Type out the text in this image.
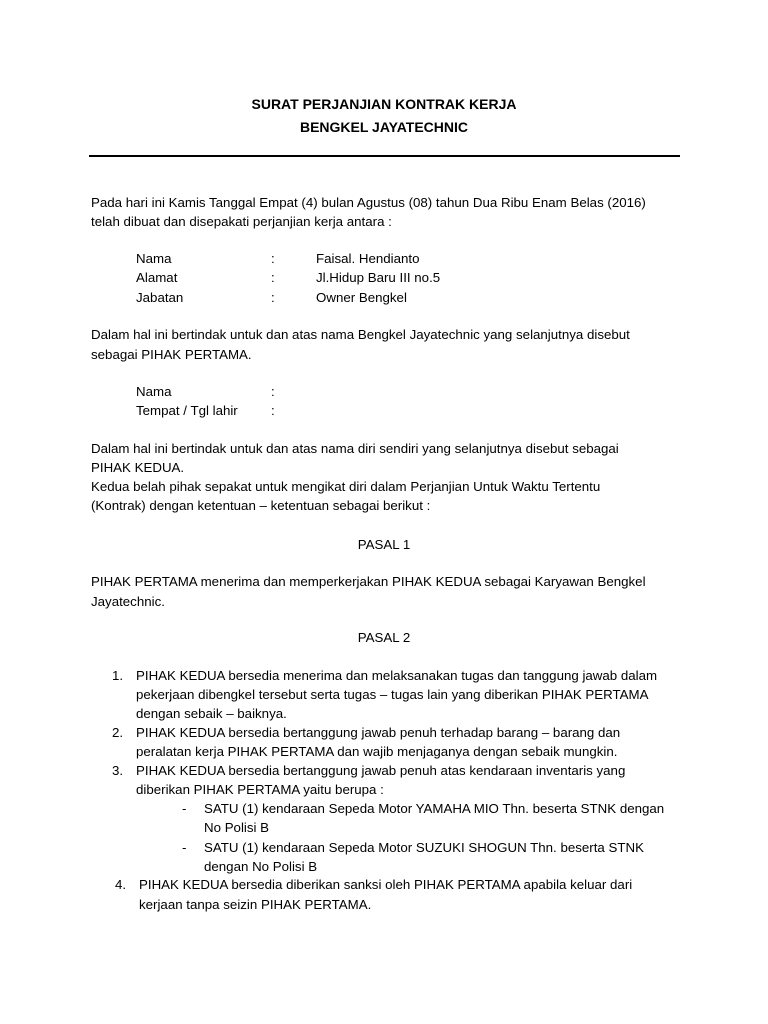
SURAT PERJANJIAN KONTRAK KERJA
BENGKEL JAYATECHNIC
Pada hari ini Kamis Tanggal Empat (4) bulan Agustus (08) tahun Dua Ribu Enam Belas (2016)
telah dibuat dan disepakati perjanjian kerja antara :
Nama	:	Faisal. Hendianto
Alamat	:	Jl.Hidup Baru III no.5
Jabatan	:	Owner Bengkel
Dalam hal ini bertindak untuk dan atas nama Bengkel Jayatechnic yang selanjutnya disebut
sebagai PIHAK PERTAMA.
Nama	:
Tempat / Tgl lahir	:
Dalam hal ini bertindak untuk dan atas nama diri sendiri yang selanjutnya disebut sebagai
PIHAK KEDUA.
Kedua belah pihak sepakat untuk mengikat diri dalam Perjanjian Untuk Waktu Tertentu
(Kontrak) dengan ketentuan – ketentuan sebagai berikut :
PASAL 1
PIHAK PERTAMA menerima dan memperkerjakan PIHAK KEDUA sebagai Karyawan Bengkel
Jayatechnic.
PASAL 2
1. PIHAK KEDUA bersedia menerima dan melaksanakan tugas dan tanggung jawab dalam
pekerjaan dibengkel tersebut serta tugas – tugas lain yang diberikan PIHAK PERTAMA
dengan sebaik – baiknya.
2. PIHAK KEDUA bersedia bertanggung jawab penuh terhadap barang – barang dan
peralatan kerja PIHAK PERTAMA dan wajib menjaganya dengan sebaik mungkin.
3. PIHAK KEDUA bersedia bertanggung jawab penuh atas kendaraan inventaris yang
diberikan PIHAK PERTAMA yaitu berupa :
- SATU (1) kendaraan Sepeda Motor YAMAHA MIO Thn. beserta STNK dengan
No Polisi B
- SATU (1) kendaraan Sepeda Motor SUZUKI SHOGUN Thn. beserta STNK
dengan No Polisi B
4. PIHAK KEDUA bersedia diberikan sanksi oleh PIHAK PERTAMA apabila keluar dari
kerjaan tanpa seizin PIHAK PERTAMA.
